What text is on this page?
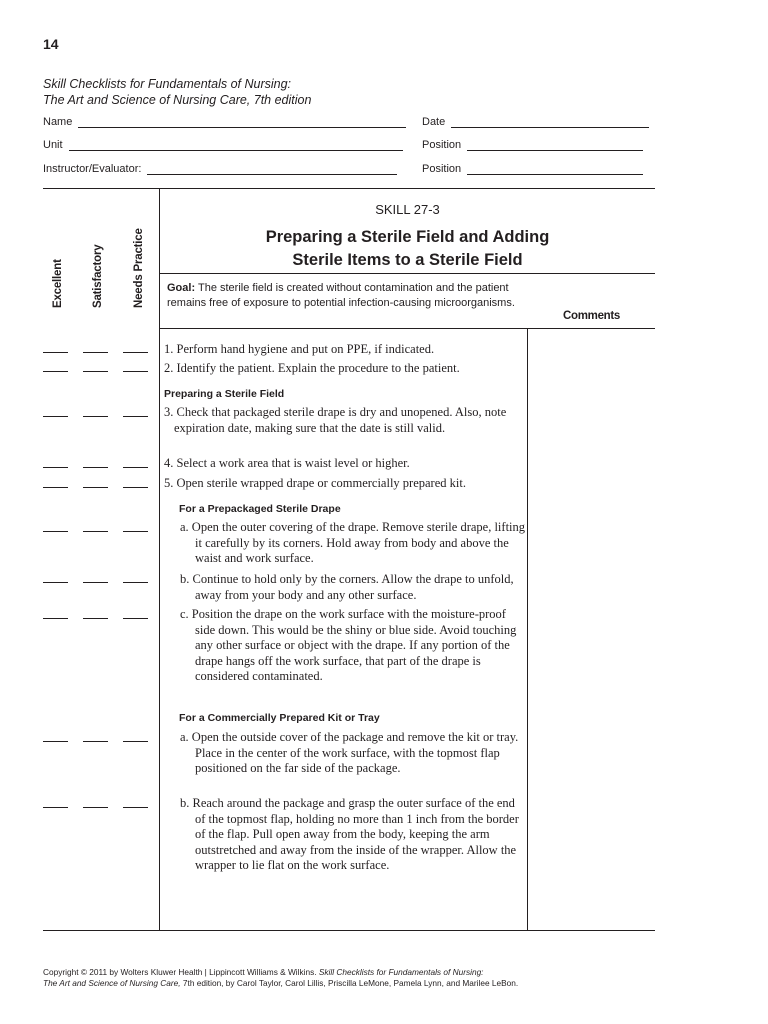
14
Skill Checklists for Fundamentals of Nursing:
The Art and Science of Nursing Care, 7th edition
Name	Date
Unit	Position
Instructor/Evaluator:	Position
Excellent Satisfactory	Needs Practice
SKILL 27-3
Preparing a Sterile Field and Adding
Sterile Items to a Sterile Field
Goal: The sterile field is created without contamination and the patient remains free of exposure to potential infection-causing microorganisms.
Comments
1. Perform hand hygiene and put on PPE, if indicated.
2. Identify the patient. Explain the procedure to the patient.
Preparing a Sterile Field
3. Check that packaged sterile drape is dry and unopened. Also, note expiration date, making sure that the date is still valid.
4. Select a work area that is waist level or higher.
5. Open sterile wrapped drape or commercially prepared kit.
For a Prepackaged Sterile Drape
a. Open the outer covering of the drape. Remove sterile drape, lifting it carefully by its corners. Hold away from body and above the waist and work surface.
b. Continue to hold only by the corners. Allow the drape to unfold, away from your body and any other surface.
c. Position the drape on the work surface with the moisture-proof side down. This would be the shiny or blue side. Avoid touching any other surface or object with the drape. If any portion of the drape hangs off the work surface, that part of the drape is considered contaminated.
For a Commercially Prepared Kit or Tray
a. Open the outside cover of the package and remove the kit or tray. Place in the center of the work surface, with the topmost flap positioned on the far side of the package.
b. Reach around the package and grasp the outer surface of the end of the topmost flap, holding no more than 1 inch from the border of the flap. Pull open away from the body, keeping the arm outstretched and away from the inside of the wrapper. Allow the wrapper to lie flat on the work surface.
Copyright © 2011 by Wolters Kluwer Health | Lippincott Williams & Wilkins. Skill Checklists for Fundamentals of Nursing:
The Art and Science of Nursing Care, 7th edition, by Carol Taylor, Carol Lillis, Priscilla LeMone, Pamela Lynn, and Marilee LeBon.
